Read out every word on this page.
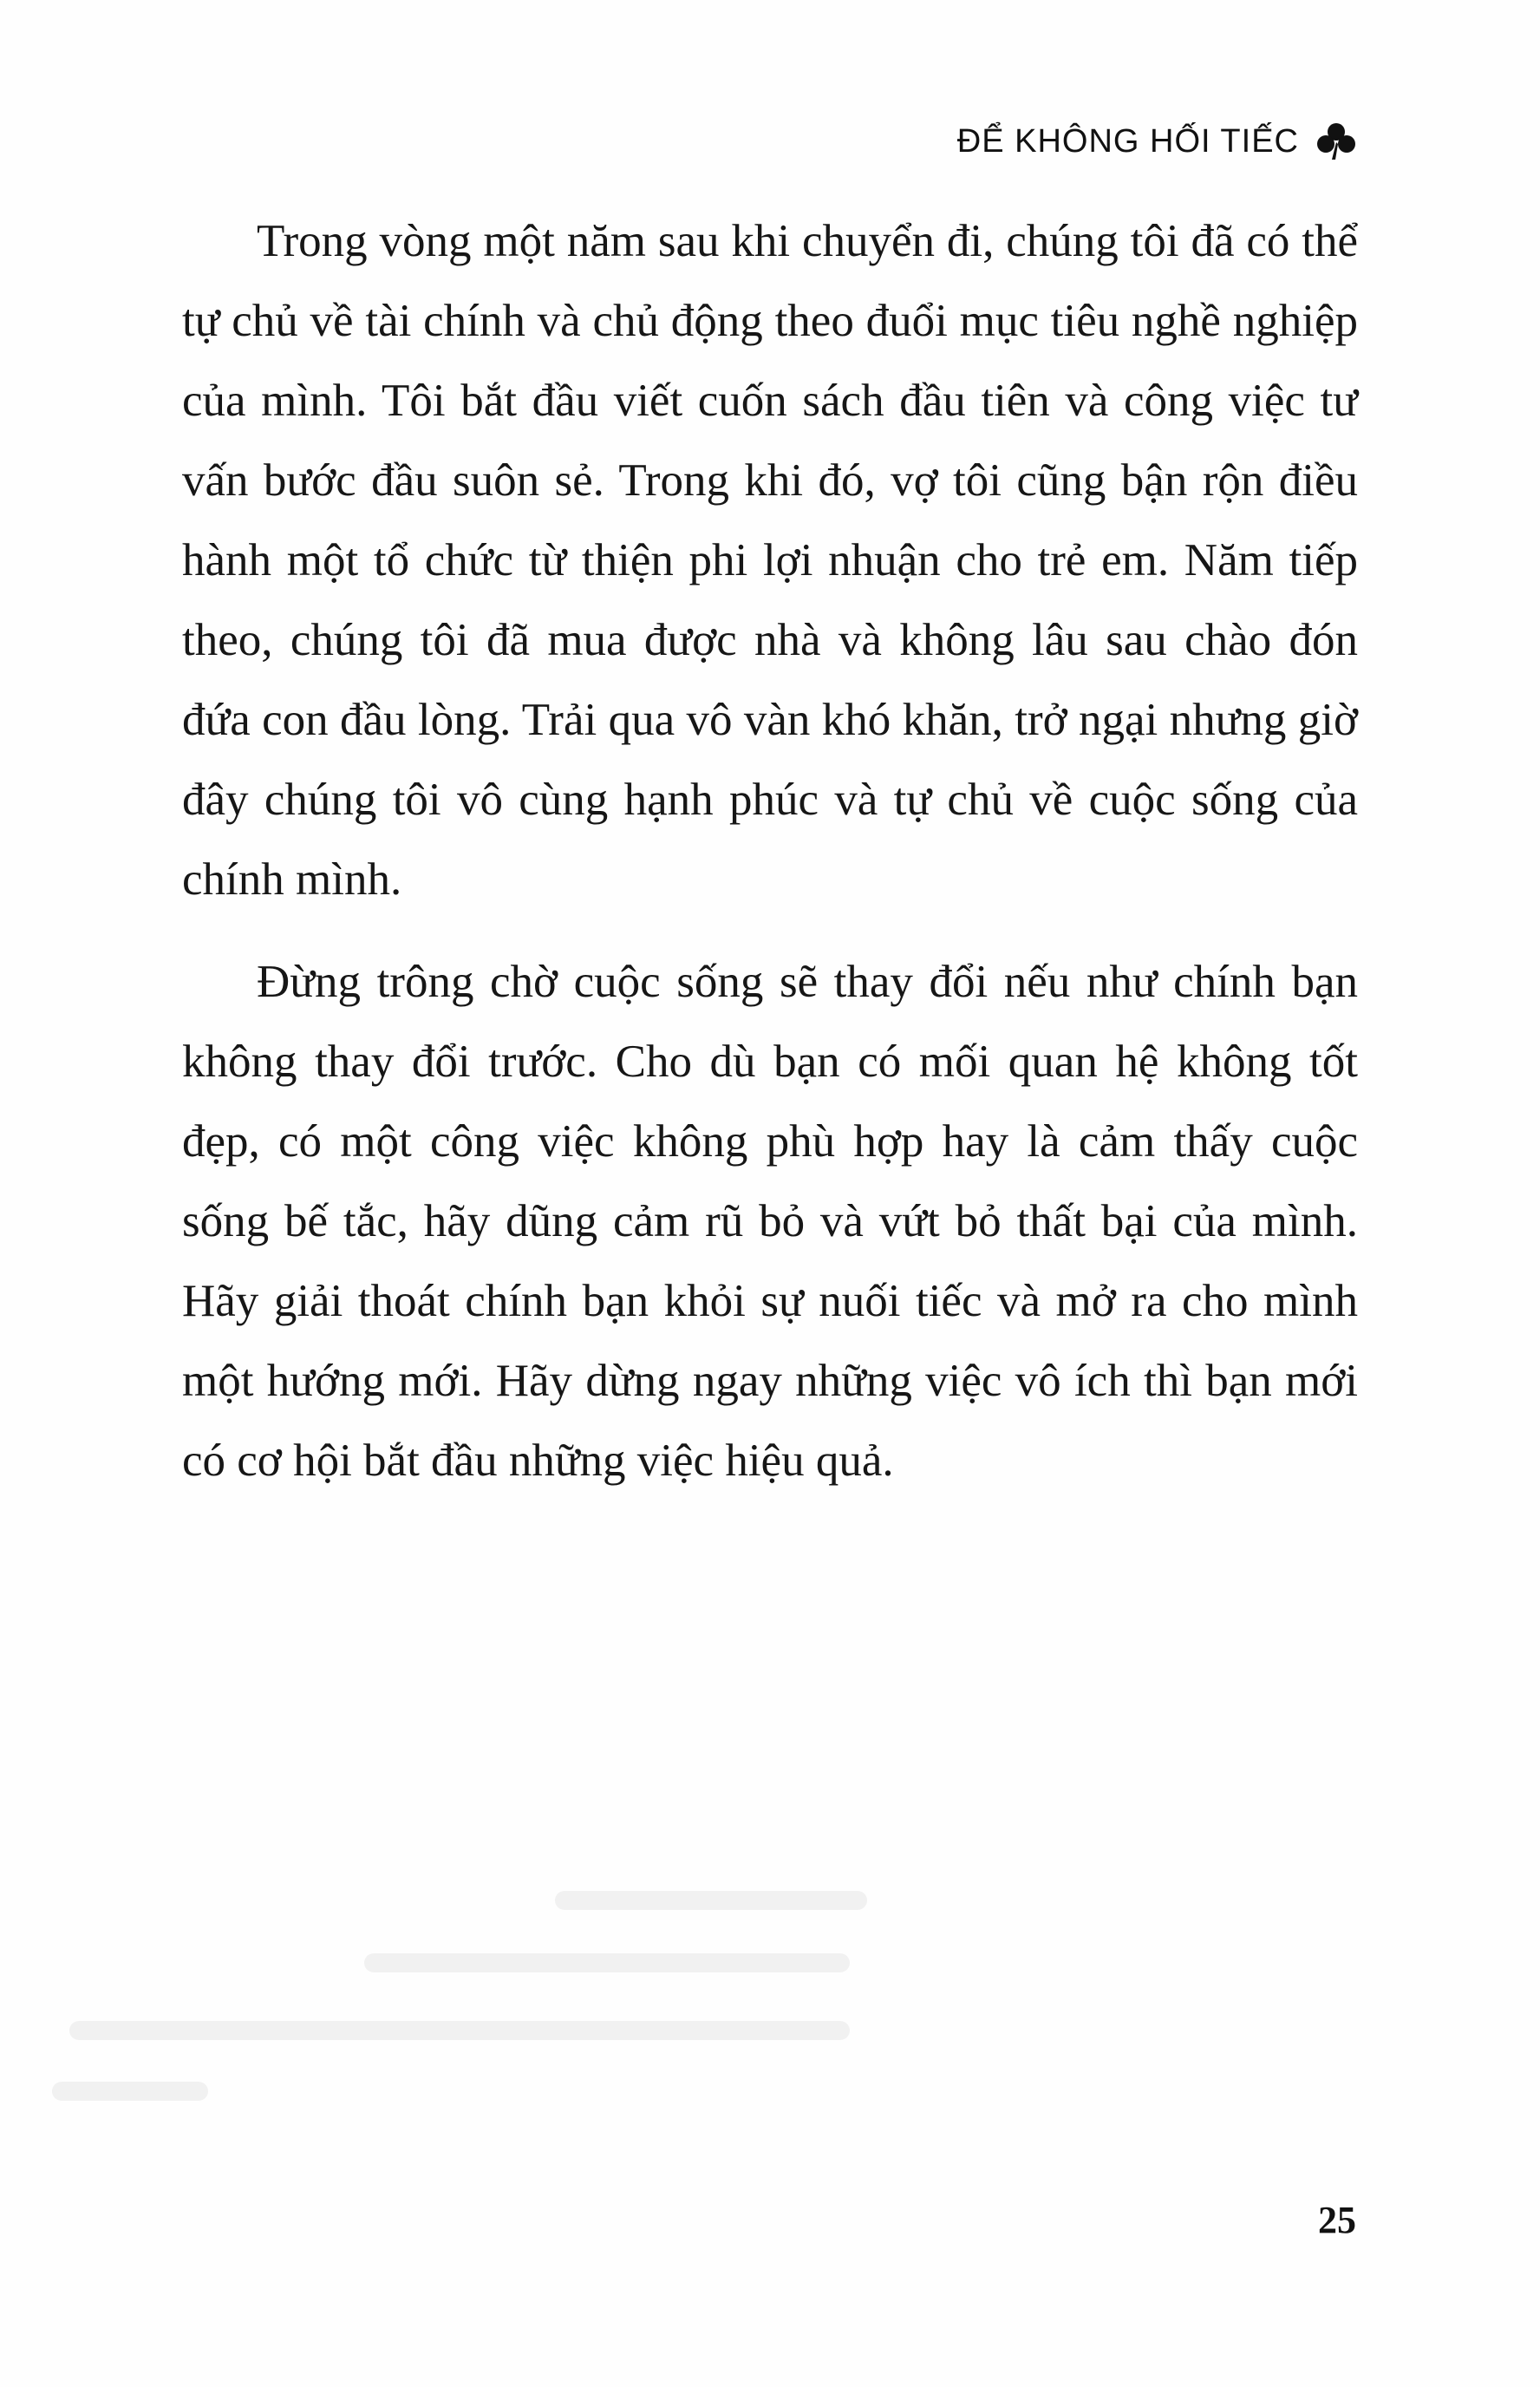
ĐỂ KHÔNG HỐI TIẾC

Trong vòng một năm sau khi chuyển đi, chúng tôi đã có thể tự chủ về tài chính và chủ động theo đuổi mục tiêu nghề nghiệp của mình. Tôi bắt đầu viết cuốn sách đầu tiên và công việc tư vấn bước đầu suôn sẻ. Trong khi đó, vợ tôi cũng bận rộn điều hành một tổ chức từ thiện phi lợi nhuận cho trẻ em. Năm tiếp theo, chúng tôi đã mua được nhà và không lâu sau chào đón đứa con đầu lòng. Trải qua vô vàn khó khăn, trở ngại nhưng giờ đây chúng tôi vô cùng hạnh phúc và tự chủ về cuộc sống của chính mình.

Đừng trông chờ cuộc sống sẽ thay đổi nếu như chính bạn không thay đổi trước. Cho dù bạn có mối quan hệ không tốt đẹp, có một công việc không phù hợp hay là cảm thấy cuộc sống bế tắc, hãy dũng cảm rũ bỏ và vứt bỏ thất bại của mình. Hãy giải thoát chính bạn khỏi sự nuối tiếc và mở ra cho mình một hướng mới. Hãy dừng ngay những việc vô ích thì bạn mới có cơ hội bắt đầu những việc hiệu quả.

25
